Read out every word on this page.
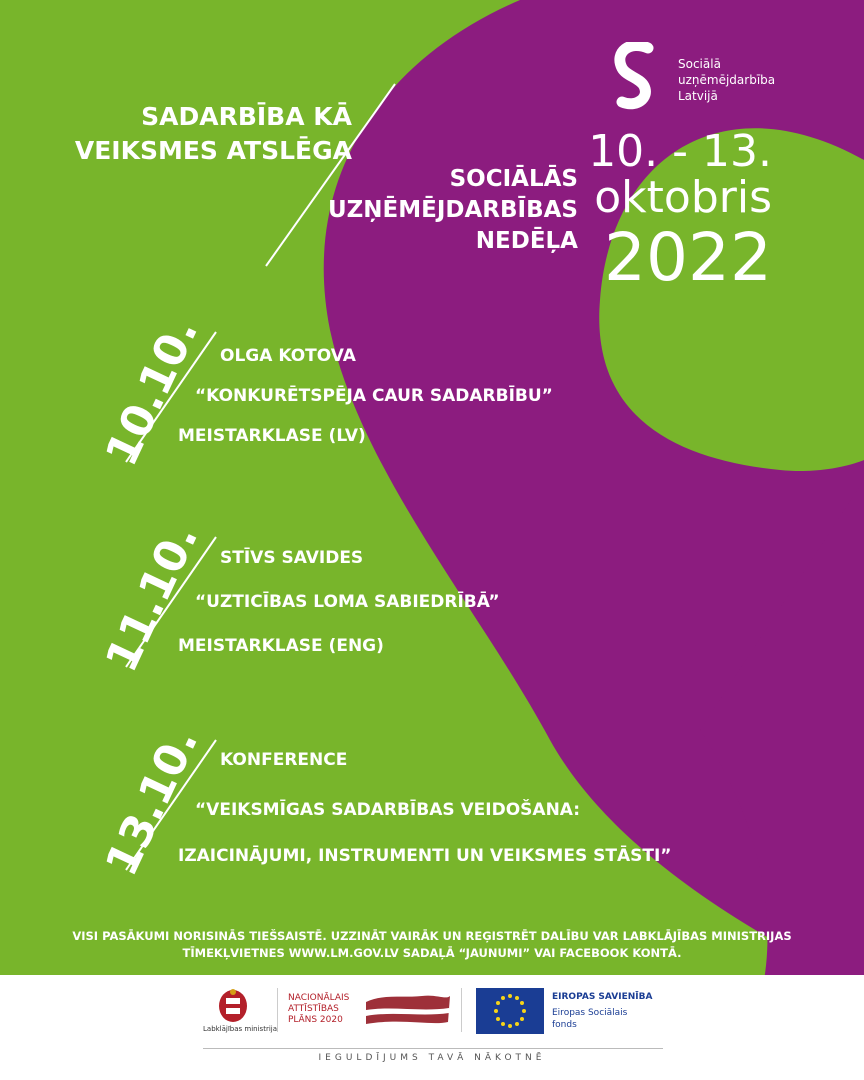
Sociālā
uzņēmējdarbība
Latvijā
SADARBĪBA KĀ
VEIKSMES ATSLĒGA
SOCIĀLĀS
UZŅĒMĒJDARBĪBAS
NEDĒĻA
10. - 13.
oktobris
2022
10.10. OLGA KOTOVA
“KONKURĒTSPĒJA CAUR SADARBĪBU”
MEISTARKLASE (LV)
11.10. STĪVS SAVIDES
“UZTICĪBAS LOMA SABIEDRĪBĀ”
MEISTARKLASE (ENG)
13.10. KONFERENCE
“VEIKSMĪGAS SADARBĪBAS VEIDOŠANA:
IZAICINĀJUMI, INSTRUMENTI UN VEIKSMES STĀSTI”
VISI PASĀKUMI NORISINĀS TIEŠSAISTĒ. UZZINĀT VAIRĀK UN REĢISTRĒT DALĪBU VAR LABKLĀJĪBAS MINISTRIJAS
TĪMEKĻVIETNES WWW.LM.GOV.LV SADAĻĀ “JAUNUMI” VAI FACEBOOK KONTĀ.
Labklājības ministrija
NACIONĀLAIS
ATTĪSTĪBAS
PLĀNS 2020
EIROPAS SAVIENĪBA
Eiropas Sociālais
fonds
IEGULDĪJUMS TAVĀ NĀKOTNĒ
